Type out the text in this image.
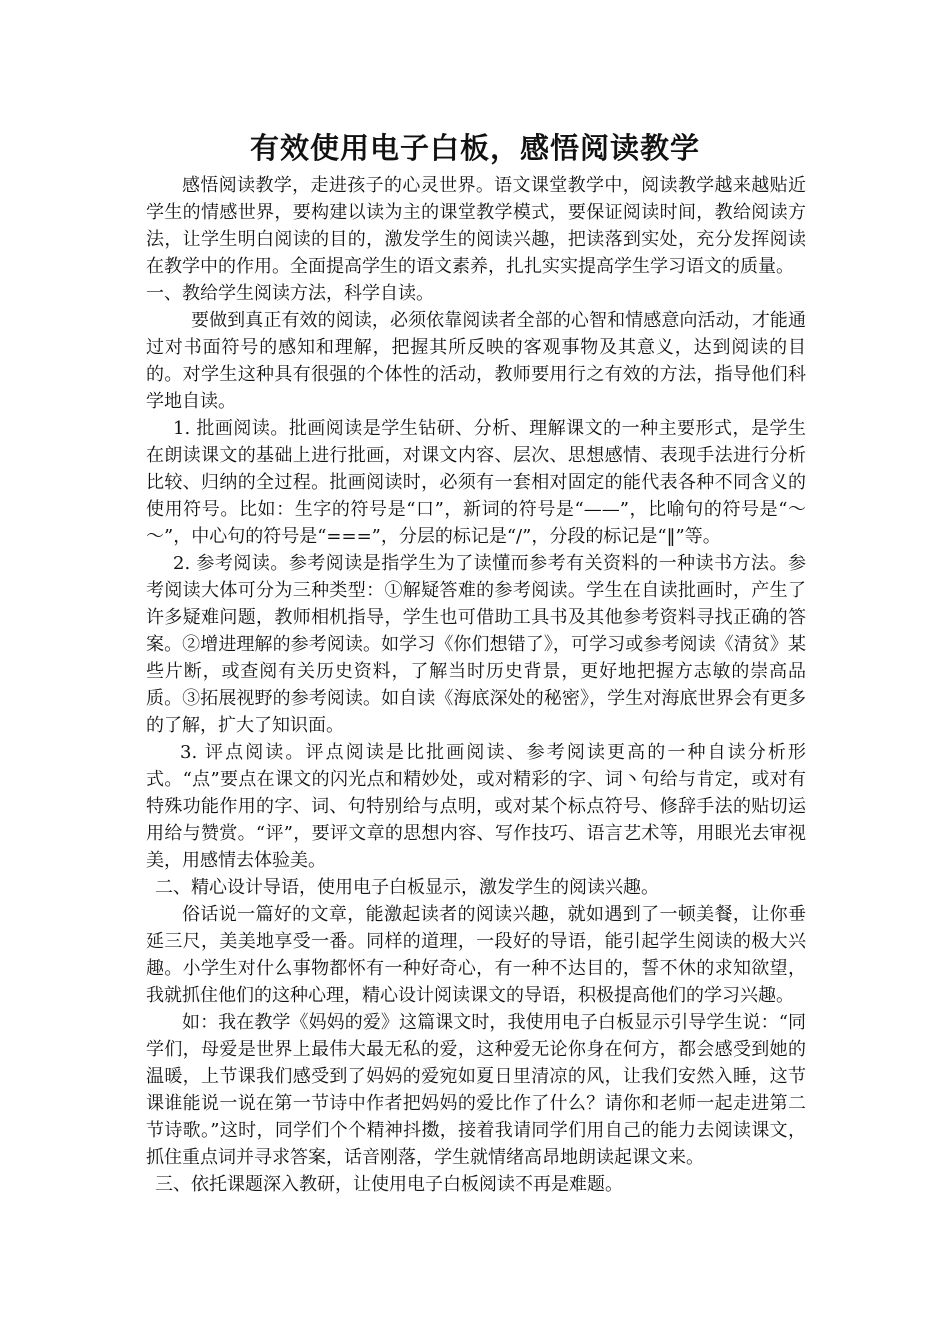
有效使用电子白板，感悟阅读教学

感悟阅读教学，走进孩子的心灵世界。语文课堂教学中，阅读教学越来越贴近学生的情感世界，要构建以读为主的课堂教学模式，要保证阅读时间，教给阅读方法，让学生明白阅读的目的，激发学生的阅读兴趣，把读落到实处，充分发挥阅读在教学中的作用。全面提高学生的语文素养，扎扎实实提高学生学习语文的质量。

一、教给学生阅读方法，科学自读。

要做到真正有效的阅读，必须依靠阅读者全部的心智和情感意向活动，才能通过对书面符号的感知和理解，把握其所反映的客观事物及其意义，达到阅读的目的。对学生这种具有很强的个体性的活动，教师要用行之有效的方法，指导他们科学地自读。

1. 批画阅读。批画阅读是学生钻研、分析、理解课文的一种主要形式，是学生在朗读课文的基础上进行批画，对课文内容、层次、思想感情、表现手法进行分析比较、归纳的全过程。批画阅读时，必须有一套相对固定的能代表各种不同含义的使用符号。比如：生字的符号是“口”，新词的符号是“——”，比喻句的符号是“～～”，中心句的符号是“===”，分层的标记是“/”，分段的标记是“‖”等。

2. 参考阅读。参考阅读是指学生为了读懂而参考有关资料的一种读书方法。参考阅读大体可分为三种类型：①解疑答难的参考阅读。学生在自读批画时，产生了许多疑难问题，教师相机指导，学生也可借助工具书及其他参考资料寻找正确的答案。②增进理解的参考阅读。如学习《你们想错了》，可学习或参考阅读《清贫》某些片断，或查阅有关历史资料，了解当时历史背景，更好地把握方志敏的崇高品质。③拓展视野的参考阅读。如自读《海底深处的秘密》，学生对海底世界会有更多的了解，扩大了知识面。

3. 评点阅读。评点阅读是比批画阅读、参考阅读更高的一种自读分析形式。“点”要点在课文的闪光点和精妙处，或对精彩的字、词丶句给与肯定，或对有特殊功能作用的字、词、句特别给与点明，或对某个标点符号、修辞手法的贴切运用给与赞赏。“评”，要评文章的思想内容、写作技巧、语言艺术等，用眼光去审视美，用感情去体验美。

二、精心设计导语，使用电子白板显示，激发学生的阅读兴趣。

俗话说一篇好的文章，能激起读者的阅读兴趣，就如遇到了一顿美餐，让你垂延三尺，美美地享受一番。同样的道理，一段好的导语，能引起学生阅读的极大兴趣。小学生对什么事物都怀有一种好奇心，有一种不达目的，誓不休的求知欲望，我就抓住他们的这种心理，精心设计阅读课文的导语，积极提高他们的学习兴趣。

如：我在教学《妈妈的爱》这篇课文时，我使用电子白板显示引导学生说：“同学们，母爱是世界上最伟大最无私的爱，这种爱无论你身在何方，都会感受到她的温暖，上节课我们感受到了妈妈的爱宛如夏日里清凉的风，让我们安然入睡，这节课谁能说一说在第一节诗中作者把妈妈的爱比作了什么？请你和老师一起走进第二节诗歌。”这时，同学们个个精神抖擞，接着我请同学们用自己的能力去阅读课文，抓住重点词并寻求答案，话音刚落，学生就情绪高昂地朗读起课文来。

三、依托课题深入教研，让使用电子白板阅读不再是难题。
